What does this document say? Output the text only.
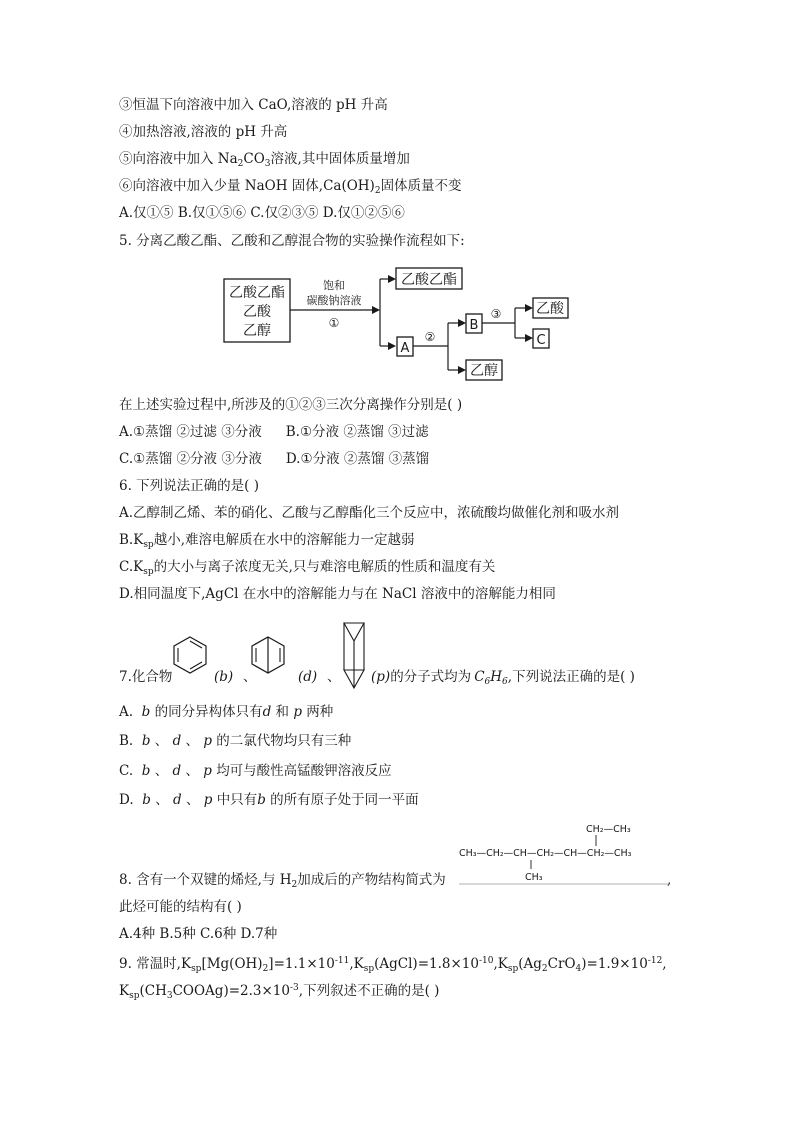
③恒温下向溶液中加入 CaO,溶液的 pH 升高
④加热溶液,溶液的 pH 升高
⑤向溶液中加入 $Na_2CO_3$溶液,其中固体质量增加
⑥向溶液中加入少量 NaOH 固体$,Ca(OH)_2$固体质量不变
A.仅①⑤ B.仅①⑤⑥ C.仅②③⑤ D.仅①②⑤⑥
5. 分离乙酸乙酯、乙酸和乙醇混合物的实验操作流程如下:
乙酸乙酯
乙酸
乙醇
饱和
碳酸钠溶液
①
乙酸乙酯
A
②
B
乙醇
③ 乙酸
C
在上述实验过程中,所涉及的①②③三次分离操作分别是( )
A.①蒸馏 ②过滤 ③分液 B.①分液 ②蒸馏 ③过滤
C.①蒸馏 ②分液 ③分液 D.①分液 ②蒸馏 ③蒸馏
6. 下列说法正确的是( )
A.乙醇制乙烯、苯的硝化、乙酸与乙醇酯化三个反应中，浓硫酸均做催化剂和吸水剂
$B.K_{sp}$越小,难溶电解质在水中的溶解能力一定越弱
$C.K_{sp}$的大小与离子浓度无关,只与难溶电解质的性质和温度有关
D.相同温度下,AgCl 在水中的溶解能力与在 NaCl 溶液中的溶解能力相同
7.化合物	(b) 、	(d) 、 (p)的分子式均为 $C_6H_6$,下列说法正确的是( )
A. b 的同分异构体只有d 和 p 两种
B. b 、 d 、 p 的二氯代物均只有三种
C. b 、 d 、 p 均可与酸性高锰酸钾溶液反应
D. b 、 d 、 p 中只有b 的所有原子处于同一平面
CH₂—CH₃
CH₃—CH₂—CH—CH₂—CH—CH₂—CH₃
CH₃
8. 含有一个双键的烯烃,与 $H_2$加成后的产物结构简式为	,
此烃可能的结构有( )
A.4种 B.5种 C.6种 D.7种
9. 常温时$,K_{sp}[Mg(OH)_2]=1.1\times 10^{-11},K_{sp}(AgCl)=1.8\times 10^{-10},K_{sp}(Ag_2CrO_4)=1.9\times 10^{-12}$,
$K_{sp}(CH_3COOAg)=2.3\times 10^{-3}$,下列叙述不正确的是( )
